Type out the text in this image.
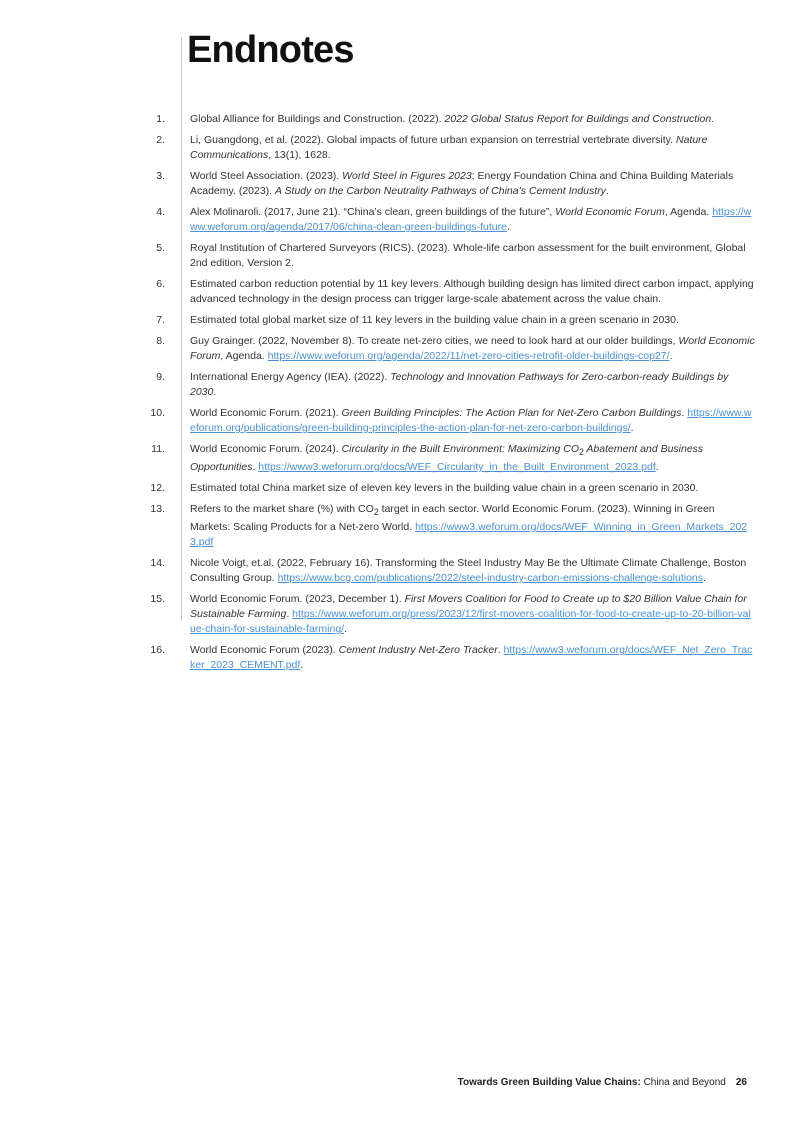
Endnotes
1. Global Alliance for Buildings and Construction. (2022). 2022 Global Status Report for Buildings and Construction.
2. Li, Guangdong, et al. (2022). Global impacts of future urban expansion on terrestrial vertebrate diversity. Nature Communications, 13(1), 1628.
3. World Steel Association. (2023). World Steel in Figures 2023; Energy Foundation China and China Building Materials Academy. (2023). A Study on the Carbon Neutrality Pathways of China’s Cement Industry.
4. Alex Molinaroli. (2017, June 21). “China’s clean, green buildings of the future”, World Economic Forum, Agenda. https://www.weforum.org/agenda/2017/06/china-clean-green-buildings-future.
5. Royal Institution of Chartered Surveyors (RICS). (2023). Whole-life carbon assessment for the built environment, Global 2nd edition, Version 2.
6. Estimated carbon reduction potential by 11 key levers. Although building design has limited direct carbon impact, applying advanced technology in the design process can trigger large-scale abatement across the value chain.
7. Estimated total global market size of 11 key levers in the building value chain in a green scenario in 2030.
8. Guy Grainger. (2022, November 8). To create net-zero cities, we need to look hard at our older buildings, World Economic Forum, Agenda. https://www.weforum.org/agenda/2022/11/net-zero-cities-retrofit-older-buildings-cop27/.
9. International Energy Agency (IEA). (2022). Technology and Innovation Pathways for Zero-carbon-ready Buildings by 2030.
10. World Economic Forum. (2021). Green Building Principles: The Action Plan for Net-Zero Carbon Buildings. https://www.weforum.org/publications/green-building-principles-the-action-plan-for-net-zero-carbon-buildings/.
11. World Economic Forum. (2024). Circularity in the Built Environment: Maximizing $CO_2$ Abatement and Business Opportunities. https://www3.weforum.org/docs/WEF_Circularity_in_the_Built_Environment_2023.pdf.
12. Estimated total China market size of eleven key levers in the building value chain in a green scenario in 2030.
13. Refers to the market share (%) with $CO_2$ target in each sector. World Economic Forum. (2023). Winning in Green Markets: Scaling Products for a Net-zero World. https://www3.weforum.org/docs/WEF_Winning_in_Green_Markets_2023.pdf
14. Nicole Voigt, et.al. (2022, February 16). Transforming the Steel Industry May Be the Ultimate Climate Challenge, Boston Consulting Group. https://www.bcg.com/publications/2022/steel-industry-carbon-emissions-challenge-solutions.
15. World Economic Forum. (2023, December 1). First Movers Coalition for Food to Create up to $20 Billion Value Chain for Sustainable Farming. https://www.weforum.org/press/2023/12/first-movers-coalition-for-food-to-create-up-to-20-billion-value-chain-for-sustainable-farming/.
16. World Economic Forum (2023). Cement Industry Net-Zero Tracker. https://www3.weforum.org/docs/WEF_Net_Zero_Tracker_2023_CEMENT.pdf.
Towards Green Building Value Chains: China and Beyond 26
